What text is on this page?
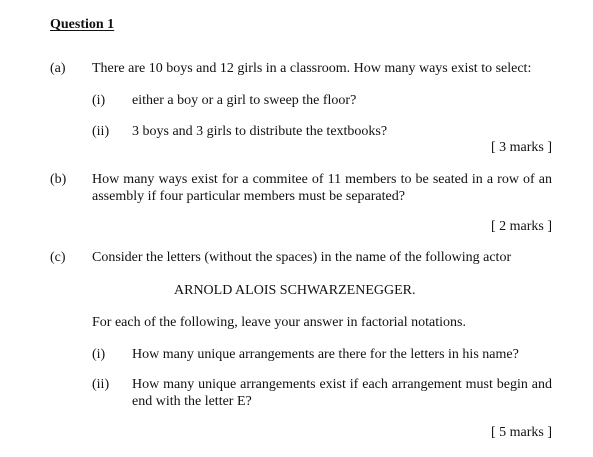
Question 1
(a) There are 10 boys and 12 girls in a classroom. How many ways exist to select:
(i) either a boy or a girl to sweep the floor?
(ii) 3 boys and 3 girls to distribute the textbooks?
[ 3 marks ]
(b) How many ways exist for a commitee of 11 members to be seated in a row of an assembly if four particular members must be separated?
[ 2 marks ]
(c) Consider the letters (without the spaces) in the name of the following actor
ARNOLD ALOIS SCHWARZENEGGER.
For each of the following, leave your answer in factorial notations.
(i) How many unique arrangements are there for the letters in his name?
(ii) How many unique arrangements exist if each arrangement must begin and end with the letter E?
[ 5 marks ]
